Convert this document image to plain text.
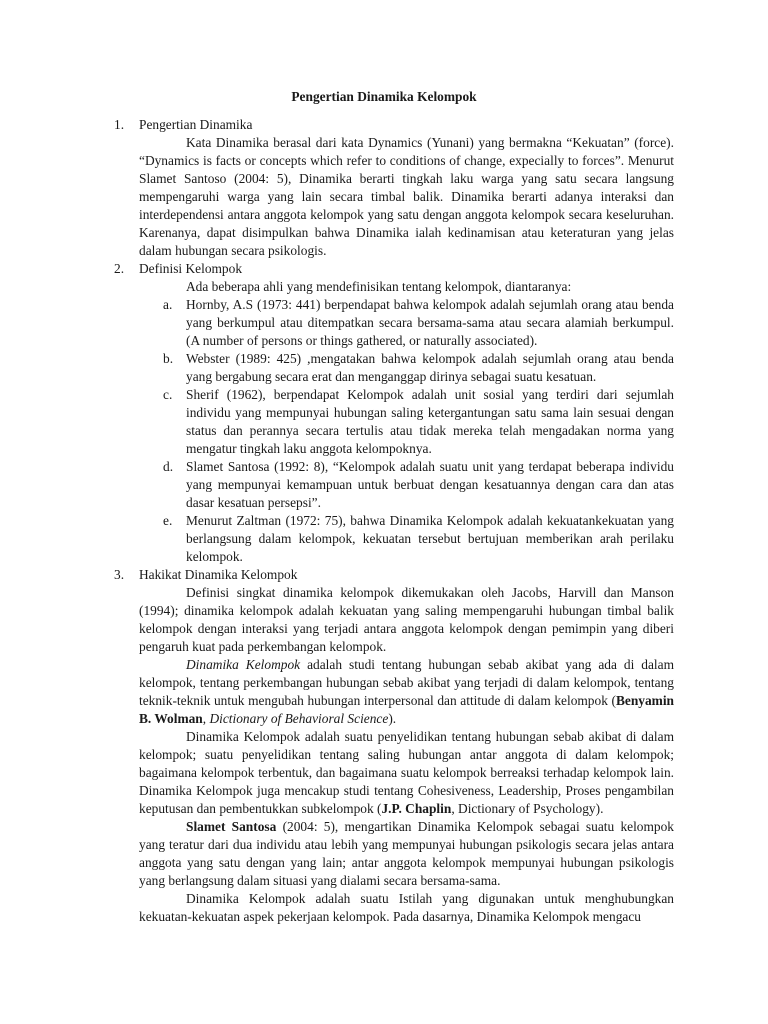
Pengertian Dinamika Kelompok
1.	Pengertian Dinamika

Kata Dinamika berasal dari kata Dynamics (Yunani) yang bermakna “Kekuatan” (force). “Dynamics is facts or concepts which refer to conditions of change, expecially to forces”. Menurut Slamet Santoso (2004: 5), Dinamika berarti tingkah laku warga yang satu secara langsung mempengaruhi warga yang lain secara timbal balik. Dinamika berarti adanya interaksi dan interdependensi antara anggota kelompok yang satu dengan anggota kelompok secara keseluruhan. Karenanya, dapat disimpulkan bahwa Dinamika ialah kedinamisan atau keteraturan yang jelas dalam hubungan secara psikologis.

2.	Definisi Kelompok

Ada beberapa ahli yang mendefinisikan tentang kelompok, diantaranya:

a.	Hornby, A.S (1973: 441) berpendapat bahwa kelompok adalah sejumlah orang atau benda yang berkumpul atau ditempatkan secara bersama-sama atau secara alamiah berkumpul. (A number of persons or things gathered, or naturally associated).
b. Webster (1989: 425) ,mengatakan bahwa kelompok adalah sejumlah orang atau benda yang bergabung secara erat dan menganggap dirinya sebagai suatu kesatuan.
c.	Sherif (1962), berpendapat Kelompok adalah unit sosial yang terdiri dari sejumlah individu yang mempunyai hubungan saling ketergantungan satu sama lain sesuai dengan status dan perannya secara tertulis atau tidak mereka telah mengadakan norma yang mengatur tingkah laku anggota kelompoknya.
d. Slamet Santosa (1992: 8), “Kelompok adalah suatu unit yang terdapat beberapa individu yang mempunyai kemampuan untuk berbuat dengan kesatuannya dengan cara dan atas dasar kesatuan persepsi”.
e.	Menurut Zaltman (1972: 75), bahwa Dinamika Kelompok adalah kekuatankekuatan yang berlangsung dalam kelompok, kekuatan tersebut bertujuan memberikan arah perilaku kelompok.
3.	Hakikat Dinamika Kelompok

Definisi singkat dinamika kelompok dikemukakan oleh Jacobs, Harvill dan Manson (1994); dinamika kelompok adalah kekuatan yang saling mempengaruhi hubungan timbal balik kelompok dengan interaksi yang terjadi antara anggota kelompok dengan pemimpin yang diberi pengaruh kuat pada perkembangan kelompok.

Dinamika Kelompok adalah studi tentang hubungan sebab akibat yang ada di dalam kelompok, tentang perkembangan hubungan sebab akibat yang terjadi di dalam kelompok, tentang teknik-teknik untuk mengubah hubungan interpersonal dan attitude di dalam kelompok (Benyamin B. Wolman, Dictionary of Behavioral Science).

Dinamika Kelompok adalah suatu penyelidikan tentang hubungan sebab akibat di dalam kelompok; suatu penyelidikan tentang saling hubungan antar anggota di dalam kelompok; bagaimana kelompok terbentuk, dan bagaimana suatu kelompok berreaksi terhadap kelompok lain. Dinamika Kelompok juga mencakup studi tentang Cohesiveness, Leadership, Proses pengambilan keputusan dan pembentukkan subkelompok (J.P. Chaplin, Dictionary of Psychology).

Slamet Santosa (2004: 5), mengartikan Dinamika Kelompok sebagai suatu kelompok yang teratur dari dua individu atau lebih yang mempunyai hubungan psikologis secara jelas antara anggota yang satu dengan yang lain; antar anggota kelompok mempunyai hubungan psikologis yang berlangsung dalam situasi yang dialami secara bersama-sama.

Dinamika Kelompok adalah suatu Istilah yang digunakan untuk menghubungkan kekuatan-kekuatan aspek pekerjaan kelompok. Pada dasarnya, Dinamika Kelompok mengacu
